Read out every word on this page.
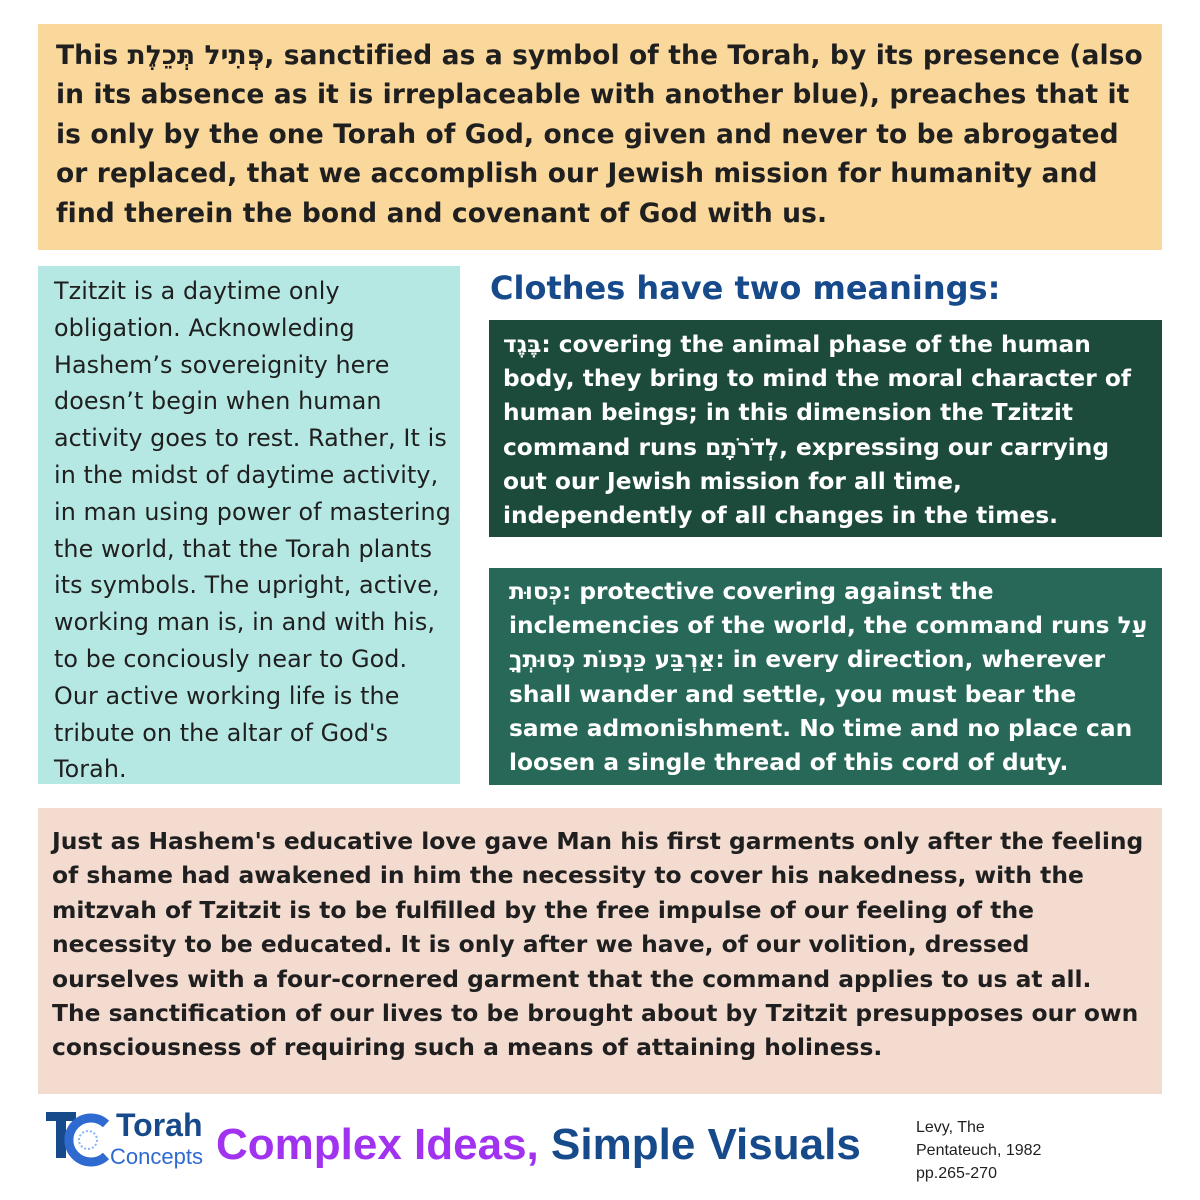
This פְּתִיל תְּכֵלֶת, sanctified as a symbol of the Torah, by its presence (also in its absence as it is irreplaceable with another blue), preaches that it is only by the one Torah of God, once given and never to be abrogated or replaced, that we accomplish our Jewish mission for humanity and find therein the bond and covenant of God with us.
Tzitzit is a daytime only obligation. Acknowleding Hashem’s sovereignity here doesn’t begin when human activity goes to rest. Rather, It is in the midst of daytime activity, in man using power of mastering the world, that the Torah plants its symbols. The upright, active, working man is, in and with his, to be conciously near to God. Our active working life is the tribute on the altar of God's Torah.
Clothes have two meanings:
בֶּגֶד: covering the animal phase of the human body, they bring to mind the moral character of human beings; in this dimension the Tzitzit command runs לְדֹרֹתָם, expressing our carrying out our Jewish mission for all time, independently of all changes in the times.
כְּסוּת: protective covering against the inclemencies of the world, the command runs עַל אַרְבַּע כַּנְפוֹת כְּסוּתְךָ: in every direction, wherever shall wander and settle, you must bear the same admonishment. No time and no place can loosen a single thread of this cord of duty.

Just as Hashem's educative love gave Man his first garments only after the feeling of shame had awakened in him the necessity to cover his nakedness, with the mitzvah of Tzitzit is to be fulfilled by the free impulse of our feeling of the necessity to be educated. It is only after we have, of our volition, dressed ourselves with a four-cornered garment that the command applies to us at all.

The sanctification of our lives to be brought about by Tzitzit presupposes our own consciousness of requiring such a means of attaining holiness.

Torah
Concepts Complex Ideas, Simple Visuals	Levy, The
Pentateuch, 1982
pp.265-270
